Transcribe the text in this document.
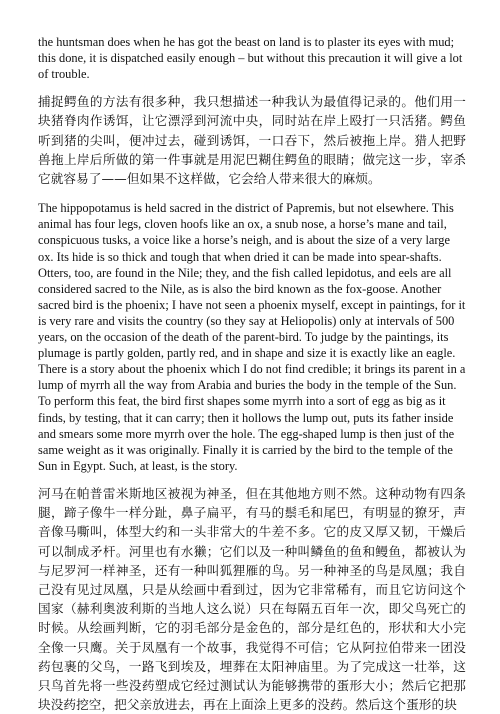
the huntsman does when he has got the beast on land is to plaster its eyes with mud; this done, it is dispatched easily enough – but without this precaution it will give a lot of trouble.

捕捉鳄鱼的方法有很多种，我只想描述一种我认为最值得记录的。他们用一块猪脊肉作诱饵，让它漂浮到河流中央，同时站在岸上殴打一只活猪。鳄鱼听到猪的尖叫，便冲过去，碰到诱饵，一口吞下，然后被拖上岸。猎人把野兽拖上岸后所做的第一件事就是用泥巴糊住鳄鱼的眼睛；做完这一步，宰杀它就容易了——但如果不这样做，它会给人带来很大的麻烦。

The hippopotamus is held sacred in the district of Papremis, but not elsewhere. This animal has four legs, cloven hoofs like an ox, a snub nose, a horse’s mane and tail, conspicuous tusks, a voice like a horse’s neigh, and is about the size of a very large ox. Its hide is so thick and tough that when dried it can be made into spear-shafts. Otters, too, are found in the Nile; they, and the fish called lepidotus, and eels are all considered sacred to the Nile, as is also the bird known as the fox-goose. Another sacred bird is the phoenix; I have not seen a phoenix myself, except in paintings, for it is very rare and visits the country (so they say at Heliopolis) only at intervals of 500 years, on the occasion of the death of the parent-bird. To judge by the paintings, its plumage is partly golden, partly red, and in shape and size it is exactly like an eagle. There is a story about the phoenix which I do not find credible; it brings its parent in a lump of myrrh all the way from Arabia and buries the body in the temple of the Sun. To perform this feat, the bird first shapes some myrrh into a sort of egg as big as it finds, by testing, that it can carry; then it hollows the lump out, puts its father inside and smears some more myrrh over the hole. The egg-shaped lump is then just of the same weight as it was originally. Finally it is carried by the bird to the temple of the Sun in Egypt. Such, at least, is the story.

河马在帕普雷米斯地区被视为神圣，但在其他地方则不然。这种动物有四条腿，蹄子像牛一样分趾，鼻子扁平，有马的鬃毛和尾巴，有明显的獠牙，声音像马嘶叫，体型大约和一头非常大的牛差不多。它的皮又厚又韧，干燥后可以制成矛杆。河里也有水獭；它们以及一种叫鳞鱼的鱼和鳗鱼，都被认为与尼罗河一样神圣，还有一种叫狐狸雁的鸟。另一种神圣的鸟是凤凰；我自己没有见过凤凰，只是从绘画中看到过，因为它非常稀有，而且它访问这个国家（赫利奥波利斯的当地人这么说）只在每隔五百年一次，即父鸟死亡的时候。从绘画判断，它的羽毛部分是金色的，部分是红色的，形状和大小完全像一只鹰。关于凤凰有一个故事，我觉得不可信；它从阿拉伯带来一团没药包裹的父鸟，一路飞到埃及，埋葬在太阳神庙里。为了完成这一壮举，这只鸟首先将一些没药塑成它经过测试认为能够携带的蛋形大小；然后它把那块没药挖空，把父亲放进去，再在上面涂上更多的没药。然后这个蛋形的块
